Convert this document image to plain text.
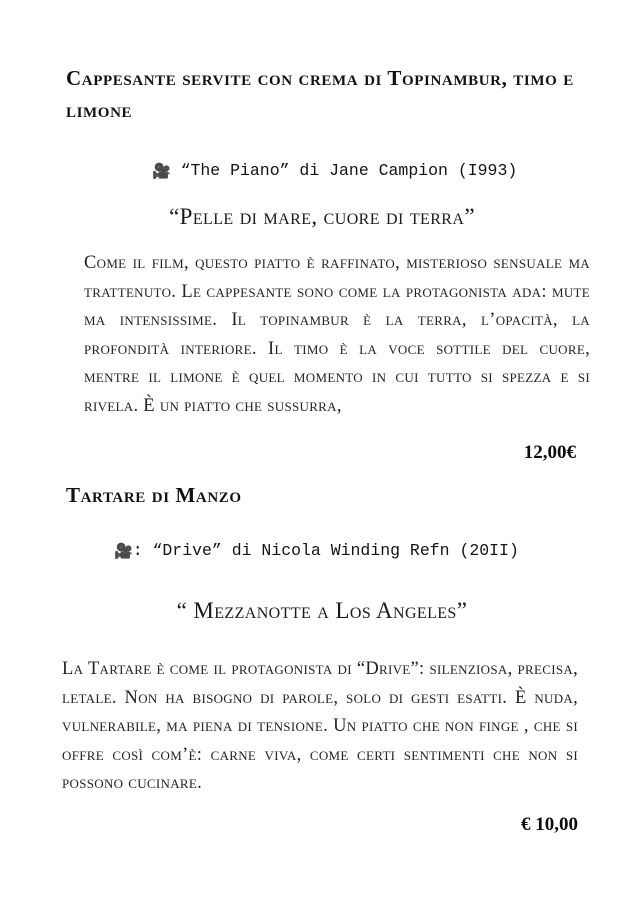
Cappesante servite con crema di Topinambur, timo e limone

🎥 “The Piano” di Jane Campion (I993)

“Pelle di mare, cuore di terra”

Come il film, questo piatto è raffinato, misterioso sensuale ma trattenuto. Le cappesante sono come la protagonista ada: mute ma intensissime. Il topinambur è la terra, l’opacità, la profondità interiore. Il timo è la voce sottile del cuore, mentre il limone è quel momento in cui tutto si spezza e si rivela. È un piatto che sussurra,

12,00€

Tartare di Manzo

🎥: “Drive” di Nicola Winding Refn (20II)

“ Mezzanotte a Los Angeles”

La Tartare è come il protagonista di “Drive”: silenziosa, precisa, letale. Non ha bisogno di parole, solo di gesti esatti. È nuda, vulnerabile, ma piena di tensione. Un piatto che non finge , che si offre così com’è: carne viva, come certi sentimenti che non si possono cucinare.

€ 10,00
